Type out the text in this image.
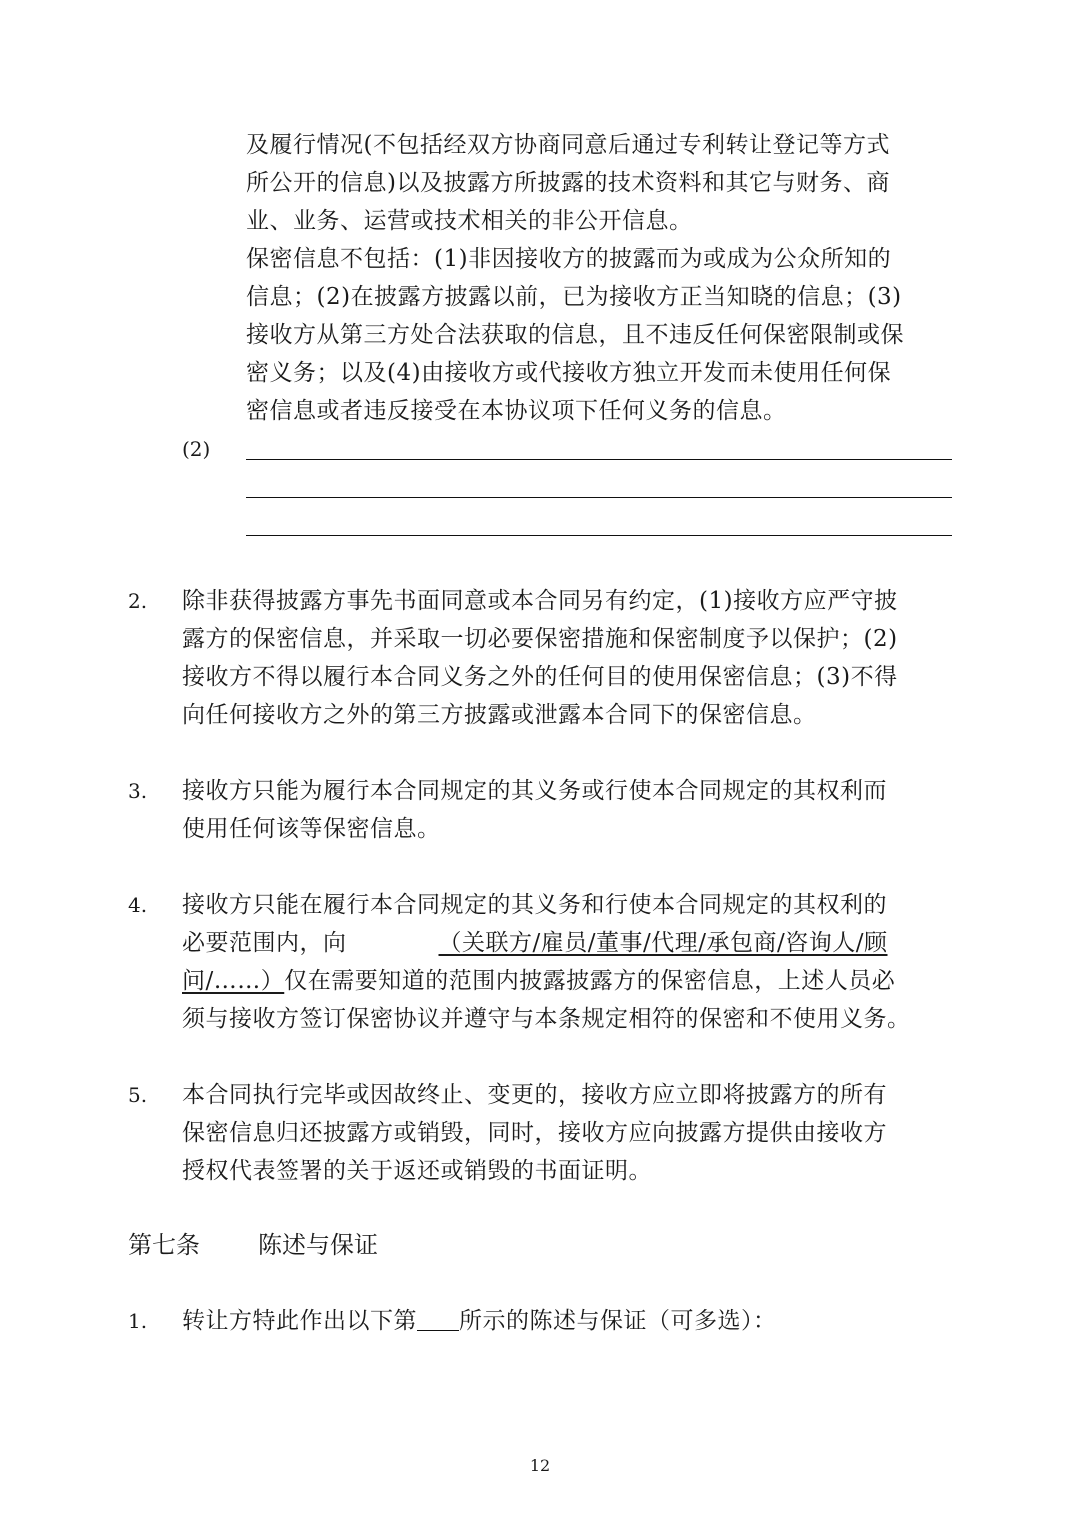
及履行情况(不包括经双方协商同意后通过专利转让登记等方式
所公开的信息)以及披露方所披露的技术资料和其它与财务、商
业、业务、运营或技术相关的非公开信息。
保密信息不包括：(1)非因接收方的披露而为或成为公众所知的
信息；(2)在披露方披露以前，已为接收方正当知晓的信息；(3)
接收方从第三方处合法获取的信息，且不违反任何保密限制或保
密义务；以及(4)由接收方或代接收方独立开发而未使用任何保
密信息或者违反接受在本协议项下任何义务的信息。
(2)
2. 除非获得披露方事先书面同意或本合同另有约定，(1)接收方应严守披
露方的保密信息，并采取一切必要保密措施和保密制度予以保护；(2)
接收方不得以履行本合同义务之外的任何目的使用保密信息；(3)不得
向任何接收方之外的第三方披露或泄露本合同下的保密信息。
3. 接收方只能为履行本合同规定的其义务或行使本合同规定的其权利而
使用任何该等保密信息。
4. 接收方只能在履行本合同规定的其义务和行使本合同规定的其权利的
必要范围内，向	（关联方/雇员/董事/代理/承包商/咨询人/顾
问/……）仅在需要知道的范围内披露披露方的保密信息，上述人员必
须与接收方签订保密协议并遵守与本条规定相符的保密和不使用义务。
5. 本合同执行完毕或因故终止、变更的，接收方应立即将披露方的所有
保密信息归还披露方或销毁，同时，接收方应向披露方提供由接收方
授权代表签署的关于返还或销毁的书面证明。
第七条 陈述与保证
1. 转让方特此作出以下第 所示的陈述与保证（可多选）：
12
